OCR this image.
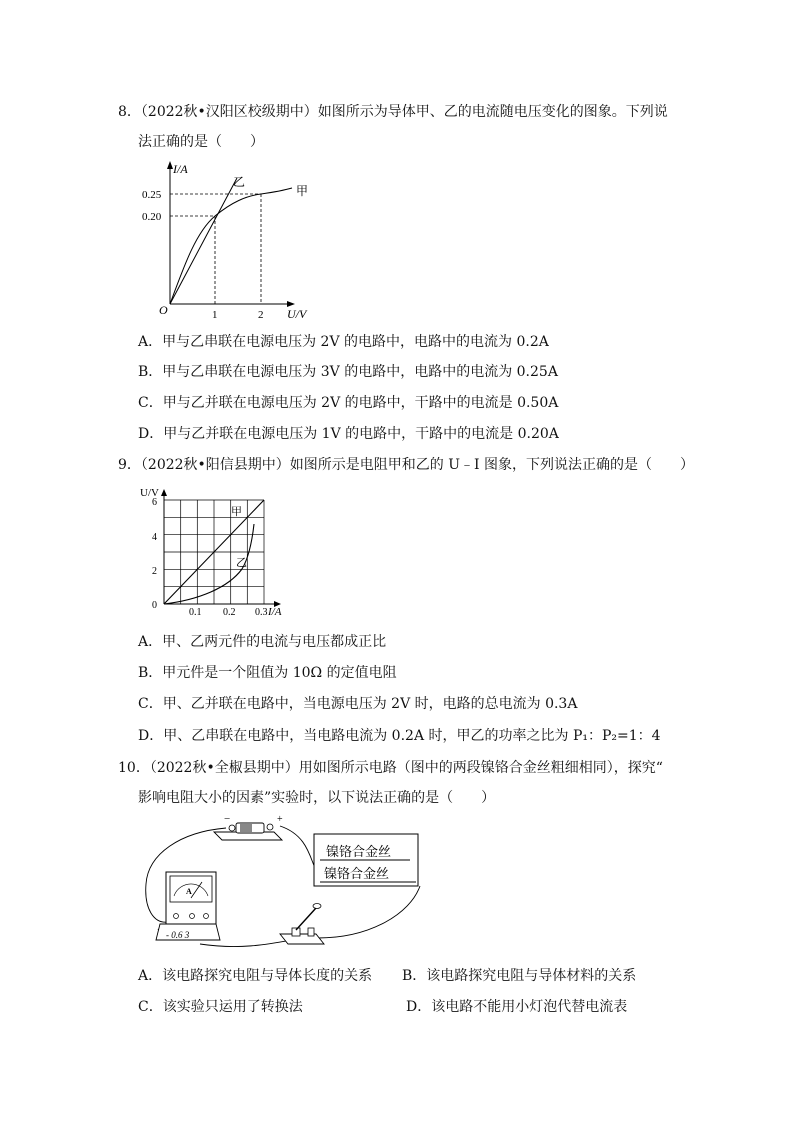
8．（2022秋•汉阳区校级期中）如图所示为导体甲、乙的电流随电压变化的图象。下列说
法正确的是（　　）
I/A
U/V
O
0.25
0.20
1	2
甲
乙
A．甲与乙串联在电源电压为 2V 的电路中，电路中的电流为 0.2A
B．甲与乙串联在电源电压为 3V 的电路中，电路中的电流为 0.25A
C．甲与乙并联在电源电压为 2V 的电路中，干路中的电流是 0.50A
D．甲与乙并联在电源电压为 1V 的电路中，干路中的电流是 0.20A
9．（2022秋•阳信县期中）如图所示是电阻甲和乙的 U﹣I 图象，下列说法正确的是（　　）
U/V
I/A
6
4
2
0
0.1 0.2 0.3
甲
乙
A．甲、乙两元件的电流与电压都成正比
B．甲元件是一个阻值为 10Ω 的定值电阻
C．甲、乙并联在电路中，当电源电压为 2V 时，电路的总电流为 0.3A
D．甲、乙串联在电路中，当电路电流为 0.2A 时，甲乙的功率之比为 P₁：P₂=1：4
10．（2022秋•全椒县期中）用如图所示电路（图中的两段镍铬合金丝粗细相同），探究“
影响电阻大小的因素”实验时，以下说法正确的是（　　）
−	+
镍铬合金丝
镍铬合金丝
A
- 0.6 3
A．该电路探究电阻与导体长度的关系 B．该电路探究电阻与导体材料的关系
C．该实验只运用了转换法	D．该电路不能用小灯泡代替电流表
